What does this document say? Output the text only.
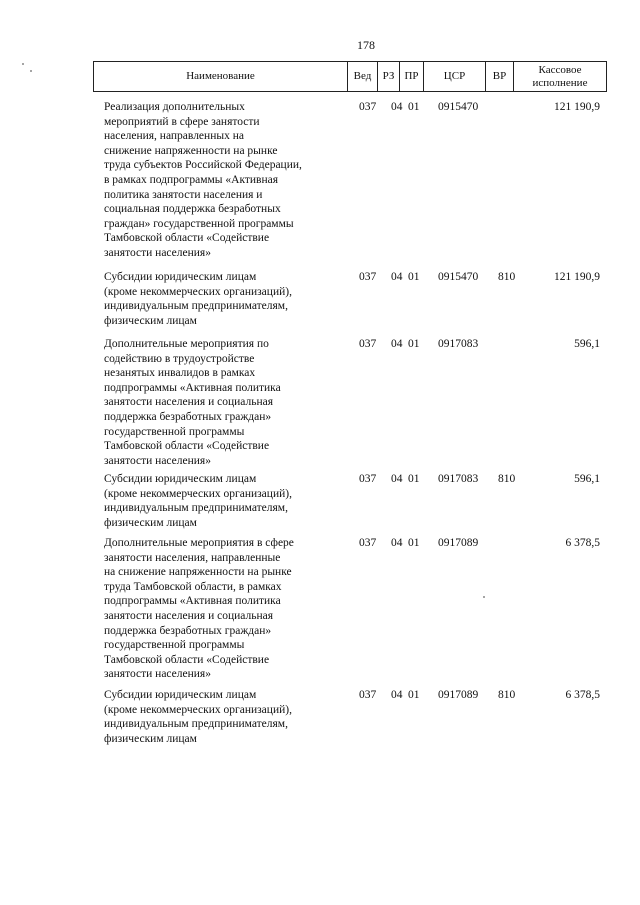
178
Наименование	Вед	РЗ ПР	ЦСР	ВР
Кассовое
исполнение
Реализация дополнительных
мероприятий в сфере занятости
населения, направленных на
снижение напряженности на рынке
труда субъектов Российской Федерации,
в рамках подпрограммы «Активная
политика занятости населения и
социальная поддержка безработных
граждан» государственной программы
Тамбовской области «Содействие
занятости населения»
037 04 01 0915470	121 190,9
Субсидии юридическим лицам
(кроме некоммерческих организаций),
индивидуальным предпринимателям,
физическим лицам
037 04 01 0915470 810	121 190,9
Дополнительные мероприятия по
содействию в трудоустройстве
незанятых инвалидов в рамках
подпрограммы «Активная политика
занятости населения и социальная
поддержка безработных граждан»
государственной программы
Тамбовской области «Содействие
занятости населения»
037 04 01 0917083	596,1
Субсидии юридическим лицам
(кроме некоммерческих организаций),
индивидуальным предпринимателям,
физическим лицам
037 04 01 0917083 810	596,1
Дополнительные мероприятия в сфере
занятости населения, направленные
на снижение напряженности на рынке
труда Тамбовской области, в рамках
подпрограммы «Активная политика
занятости населения и социальная
поддержка безработных граждан»
государственной программы
Тамбовской области «Содействие
занятости населения»
037 04 01 0917089	6 378,5
Субсидии юридическим лицам
(кроме некоммерческих организаций),
индивидуальным предпринимателям,
физическим лицам
037 04 01 0917089 810	6 378,5
